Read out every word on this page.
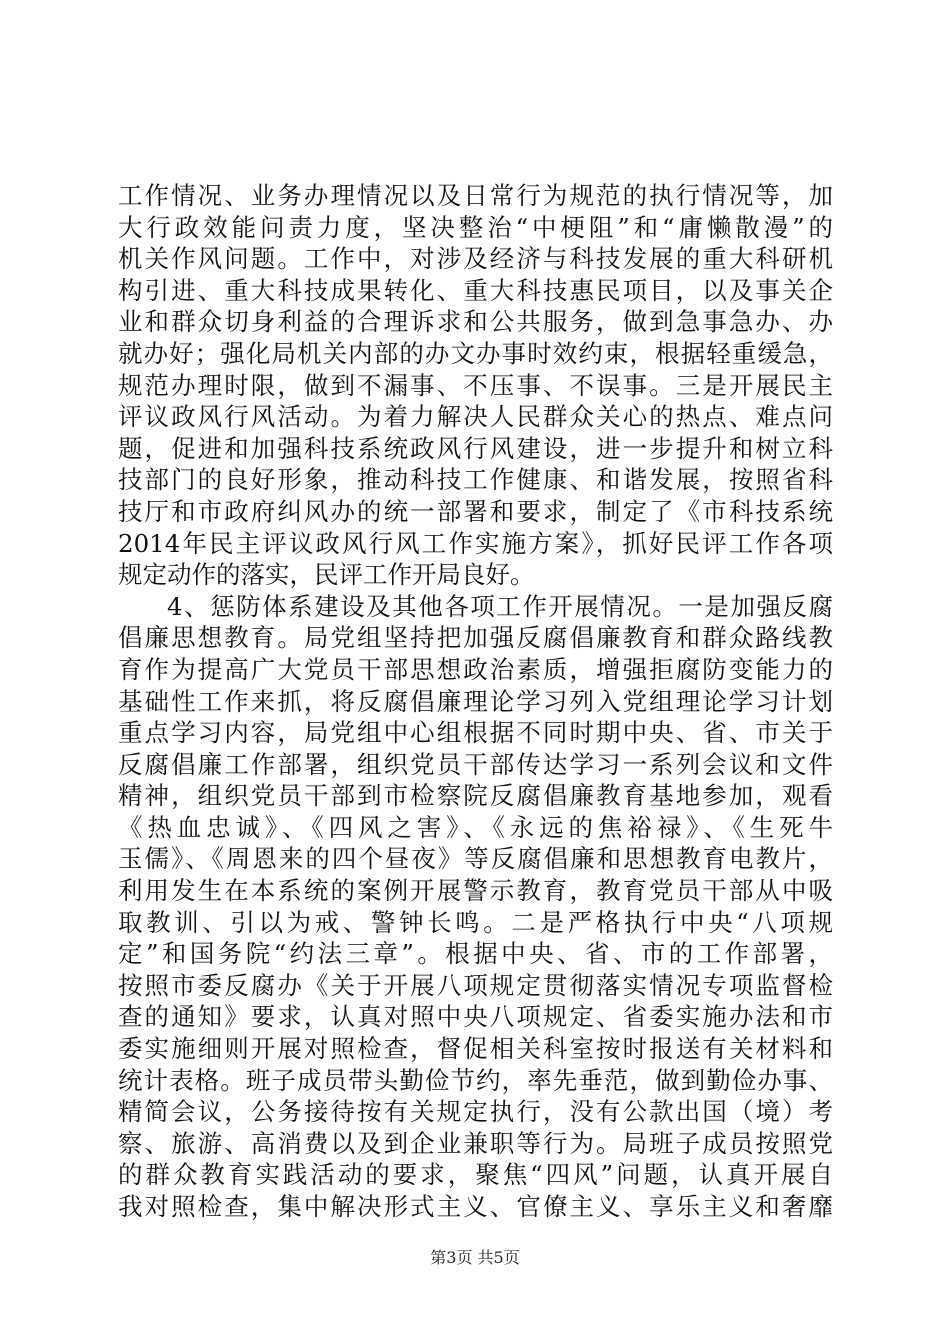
工作情况、业务办理情况以及日常行为规范的执行情况等，加
大行政效能问责力度，坚决整治“中梗阻”和“庸懒散漫”的
机关作风问题。工作中，对涉及经济与科技发展的重大科研机
构引进、重大科技成果转化、重大科技惠民项目，以及事关企
业和群众切身利益的合理诉求和公共服务，做到急事急办、办
就办好；强化局机关内部的办文办事时效约束，根据轻重缓急，
规范办理时限，做到不漏事、不压事、不误事。三是开展民主
评议政风行风活动。为着力解决人民群众关心的热点、难点问
题，促进和加强科技系统政风行风建设，进一步提升和树立科
技部门的良好形象，推动科技工作健康、和谐发展，按照省科
技厅和市政府纠风办的统一部署和要求，制定了《市科技系统
2014年民主评议政风行风工作实施方案》，抓好民评工作各项
规定动作的落实，民评工作开局良好。
4、惩防体系建设及其他各项工作开展情况。一是加强反腐
倡廉思想教育。局党组坚持把加强反腐倡廉教育和群众路线教
育作为提高广大党员干部思想政治素质，增强拒腐防变能力的
基础性工作来抓，将反腐倡廉理论学习列入党组理论学习计划
重点学习内容，局党组中心组根据不同时期中央、省、市关于
反腐倡廉工作部署，组织党员干部传达学习一系列会议和文件
精神，组织党员干部到市检察院反腐倡廉教育基地参加，观看
《热血忠诚》、《四风之害》、《永远的焦裕禄》、《生死牛
玉儒》、《周恩来的四个昼夜》等反腐倡廉和思想教育电教片，
利用发生在本系统的案例开展警示教育，教育党员干部从中吸
取教训、引以为戒、警钟长鸣。二是严格执行中央“八项规
定”和国务院“约法三章”。根据中央、省、市的工作部署，
按照市委反腐办《关于开展八项规定贯彻落实情况专项监督检
查的通知》要求，认真对照中央八项规定、省委实施办法和市
委实施细则开展对照检查，督促相关科室按时报送有关材料和
统计表格。班子成员带头勤俭节约，率先垂范，做到勤俭办事、
精简会议，公务接待按有关规定执行，没有公款出国（境）考
察、旅游、高消费以及到企业兼职等行为。局班子成员按照党
的群众教育实践活动的要求，聚焦“四风”问题，认真开展自
我对照检查，集中解决形式主义、官僚主义、享乐主义和奢靡
第3页 共5页
